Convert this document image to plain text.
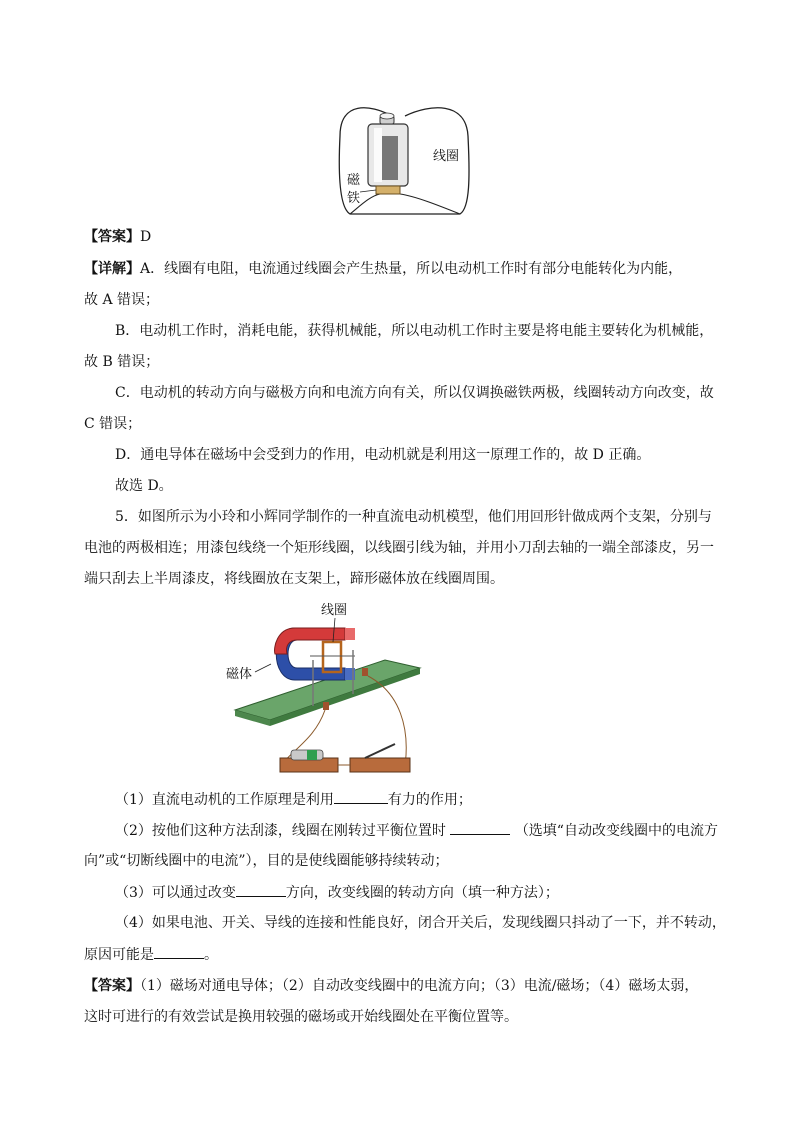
线圈
磁
铁
【答案】D
【详解】A．线圈有电阻，电流通过线圈会产生热量，所以电动机工作时有部分电能转化为内能，
故 A 错误；
B．电动机工作时，消耗电能，获得机械能，所以电动机工作时主要是将电能主要转化为机械能，
故 B 错误；
C．电动机的转动方向与磁极方向和电流方向有关，所以仅调换磁铁两极，线圈转动方向改变，故
C 错误；
D．通电导体在磁场中会受到力的作用，电动机就是利用这一原理工作的，故 D 正确。
故选 D。
5．如图所示为小玲和小辉同学制作的一种直流电动机模型，他们用回形针做成两个支架，分别与
电池的两极相连；用漆包线绕一个矩形线圈，以线圈引线为轴，并用小刀刮去轴的一端全部漆皮，另一
端只刮去上半周漆皮，将线圈放在支架上，蹄形磁体放在线圈周围。
线圈
磁体
（1）直流电动机的工作原理是利用	有力的作用；
（2）按他们这种方法刮漆，线圈在刚转过平衡位置时	（选填“自动改变线圈中的电流方
向”或“切断线圈中的电流”），目的是使线圈能够持续转动；
（3）可以通过改变	方向，改变线圈的转动方向（填一种方法）；
（4）如果电池、开关、导线的连接和性能良好，闭合开关后，发现线圈只抖动了一下，并不转动，
原因可能是	。
【答案】（1）磁场对通电导体；（2）自动改变线圈中的电流方向；（3）电流/磁场；（4）磁场太弱，
这时可进行的有效尝试是换用较强的磁场或开始线圈处在平衡位置等。
